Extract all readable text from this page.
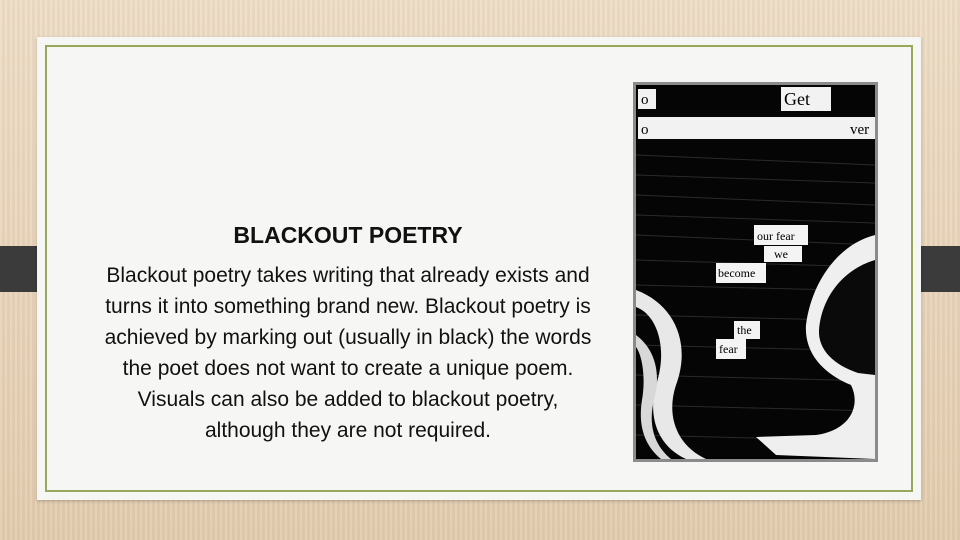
BLACKOUT POETRY

Blackout poetry takes writing that already exists and turns it into something brand new. Blackout poetry is achieved by marking out (usually in black) the words the poet does not want to create a unique poem. Visuals can also be added to blackout poetry, although they are not required.

o	Get
o	ver
our fear
we
become
the
fear
